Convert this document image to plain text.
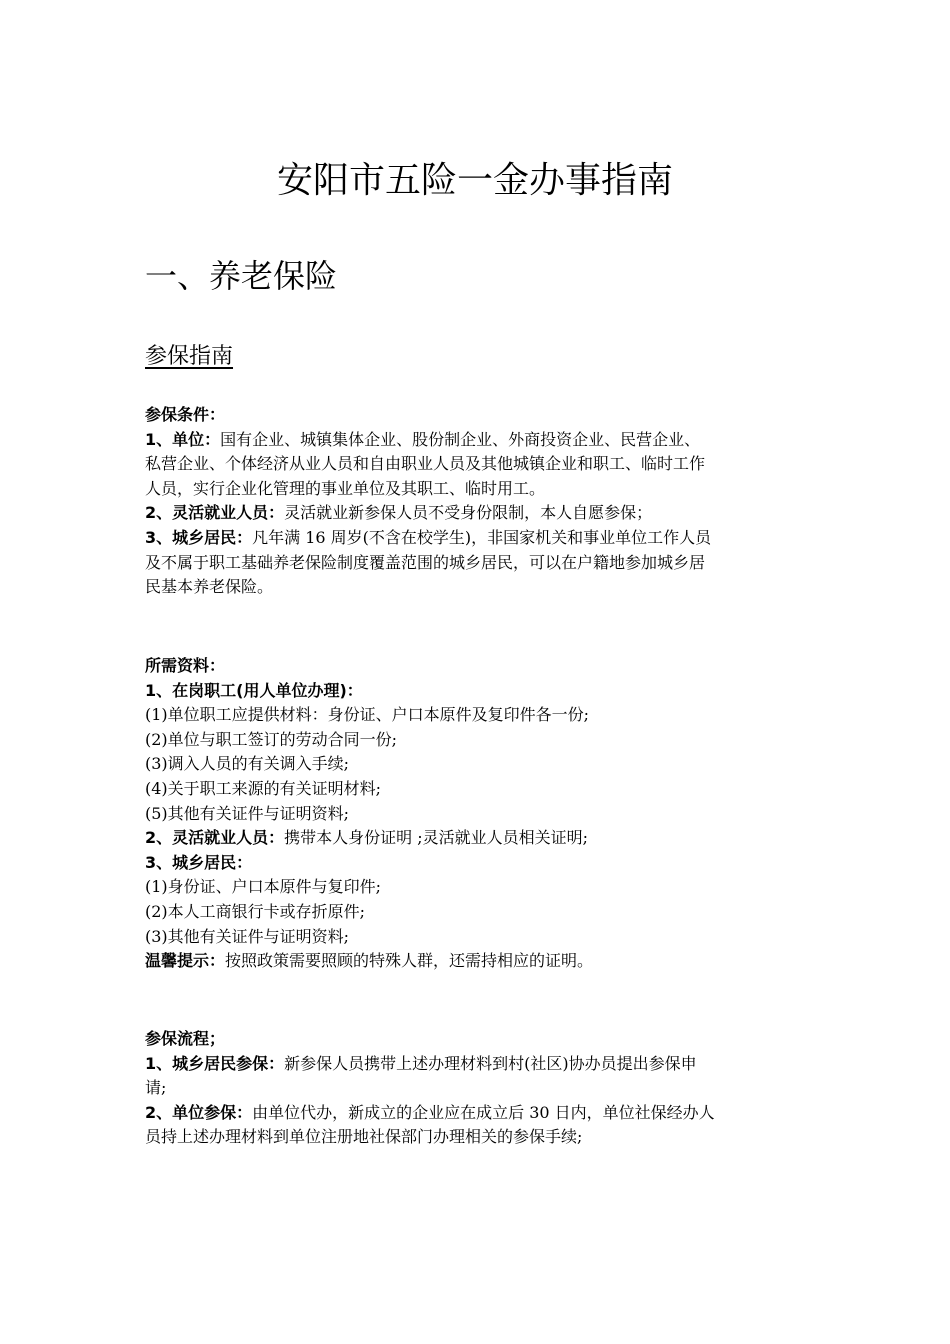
安阳市五险一金办事指南
一、养老保险
参保指南
参保条件：
1、单位：国有企业、城镇集体企业、股份制企业、外商投资企业、民营企业、
私营企业、个体经济从业人员和自由职业人员及其他城镇企业和职工、临时工作
人员，实行企业化管理的事业单位及其职工、临时用工。
2、灵活就业人员：灵活就业新参保人员不受身份限制，本人自愿参保；
3、城乡居民：凡年满 16 周岁(不含在校学生)，非国家机关和事业单位工作人员
及不属于职工基础养老保险制度覆盖范围的城乡居民，可以在户籍地参加城乡居
民基本养老保险。
所需资料：
1、在岗职工(用人单位办理)：
(1)单位职工应提供材料：身份证、户口本原件及复印件各一份;
(2)单位与职工签订的劳动合同一份;
(3)调入人员的有关调入手续;
(4)关于职工来源的有关证明材料;
(5)其他有关证件与证明资料;
2、灵活就业人员：携带本人身份证明 ;灵活就业人员相关证明;
3、城乡居民：
(1)身份证、户口本原件与复印件;
(2)本人工商银行卡或存折原件;
(3)其他有关证件与证明资料;
温馨提示：按照政策需要照顾的特殊人群，还需持相应的证明。
参保流程；
1、城乡居民参保：新参保人员携带上述办理材料到村(社区)协办员提出参保申
请;
2、单位参保：由单位代办，新成立的企业应在成立后 30 日内，单位社保经办人
员持上述办理材料到单位注册地社保部门办理相关的参保手续;
